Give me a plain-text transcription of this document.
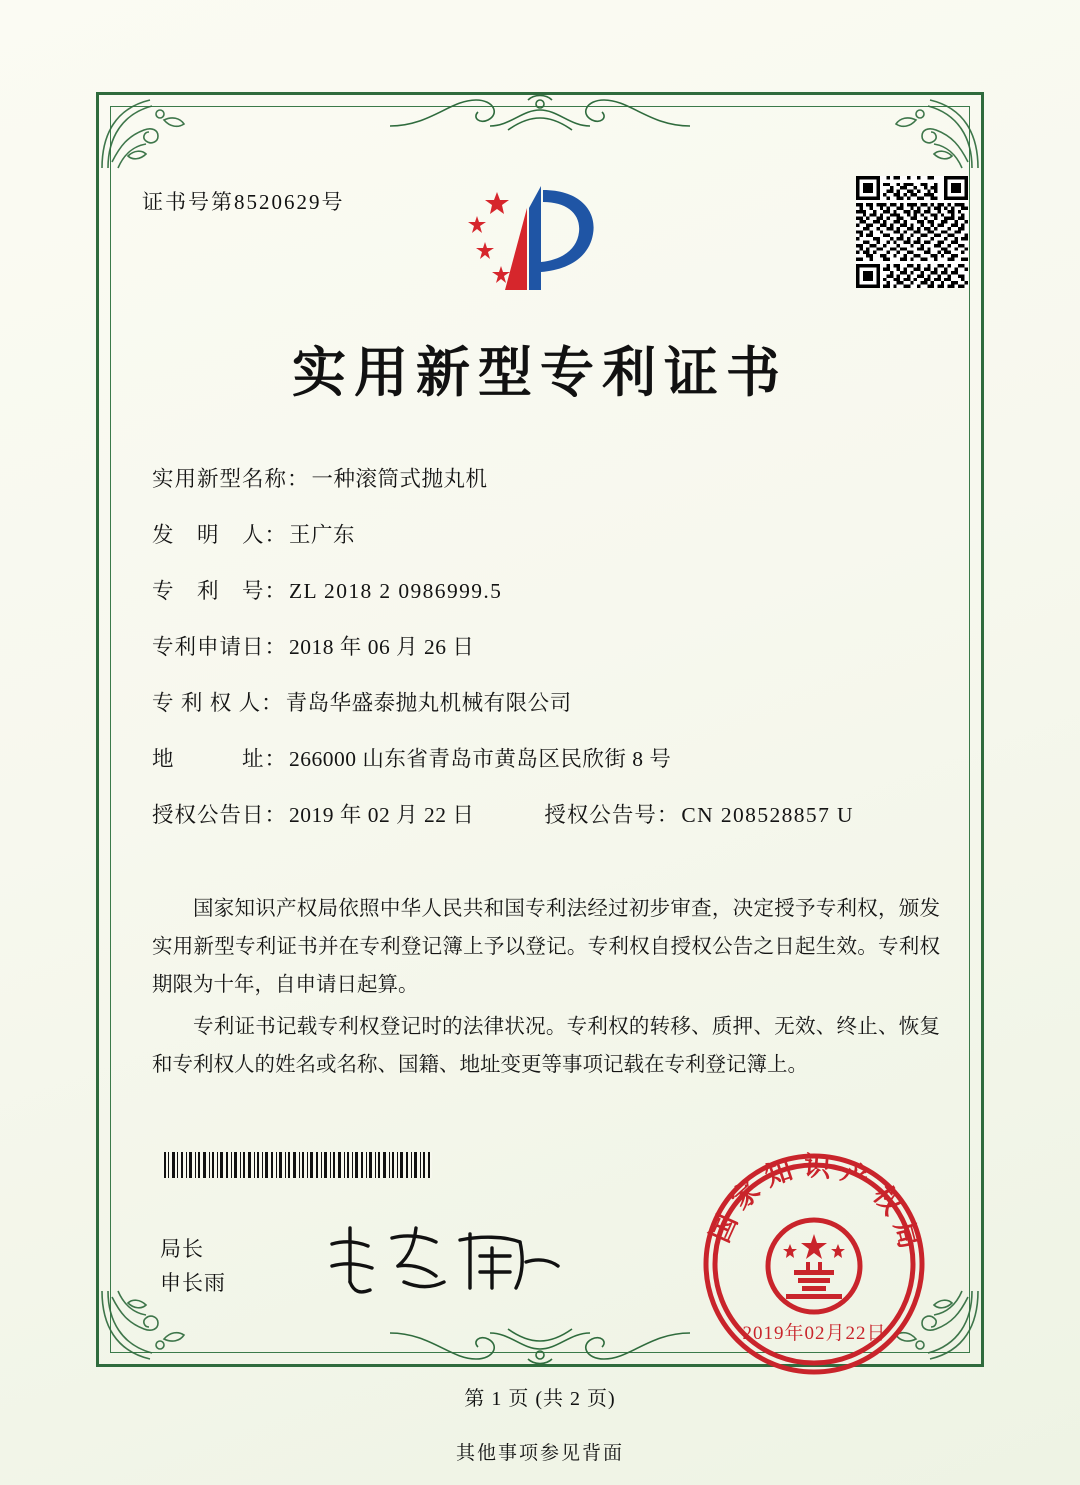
证书号第8520629号
实用新型专利证书
实用新型名称： 一种滚筒式抛丸机
发　明　人： 王广东
专　利　号： ZL 2018 2 0986999.5
专利申请日： 2018 年 06 月 26 日
专 利 权 人： 青岛华盛泰抛丸机械有限公司
地　　　址： 266000 山东省青岛市黄岛区民欣街 8 号
授权公告日： 2019 年 02 月 22 日	授权公告号： CN 208528857 U

国家知识产权局依照中华人民共和国专利法经过初步审查，决定授予专利权，颁发实用新型专利证书并在专利登记簿上予以登记。专利权自授权公告之日起生效。专利权期限为十年，自申请日起算。

专利证书记载专利权登记时的法律状况。专利权的转移、质押、无效、终止、恢复和专利权人的姓名或名称、国籍、地址变更等事项记载在专利登记簿上。

局长
申长雨
国家知识产权局
2019年02月22日
第 1 页 (共 2 页)
其他事项参见背面
